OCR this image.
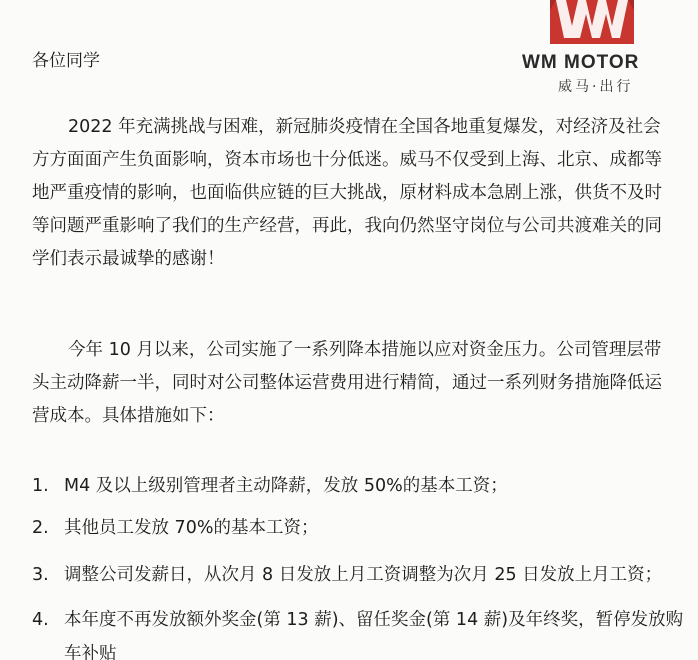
WM MOTOR
威马·出行
各位同学
2022 年充满挑战与困难，新冠肺炎疫情在全国各地重复爆发，对经济及社会
方方面面产生负面影响，资本市场也十分低迷。威马不仅受到上海、北京、成都等
地严重疫情的影响，也面临供应链的巨大挑战，原材料成本急剧上涨，供货不及时
等问题严重影响了我们的生产经营，再此，我向仍然坚守岗位与公司共渡难关的同
学们表示最诚挚的感谢！
今年 10 月以来，公司实施了一系列降本措施以应对资金压力。公司管理层带
头主动降薪一半，同时对公司整体运营费用进行精简，通过一系列财务措施降低运
营成本。具体措施如下：
1. M4 及以上级别管理者主动降薪，发放 50%的基本工资；
2. 其他员工发放 70%的基本工资；
3. 调整公司发薪日，从次月 8 日发放上月工资调整为次月 25 日发放上月工资；
4. 本年度不再发放额外奖金(第 13 薪)、留任奖金(第 14 薪)及年终奖，暂停发放购
车补贴
